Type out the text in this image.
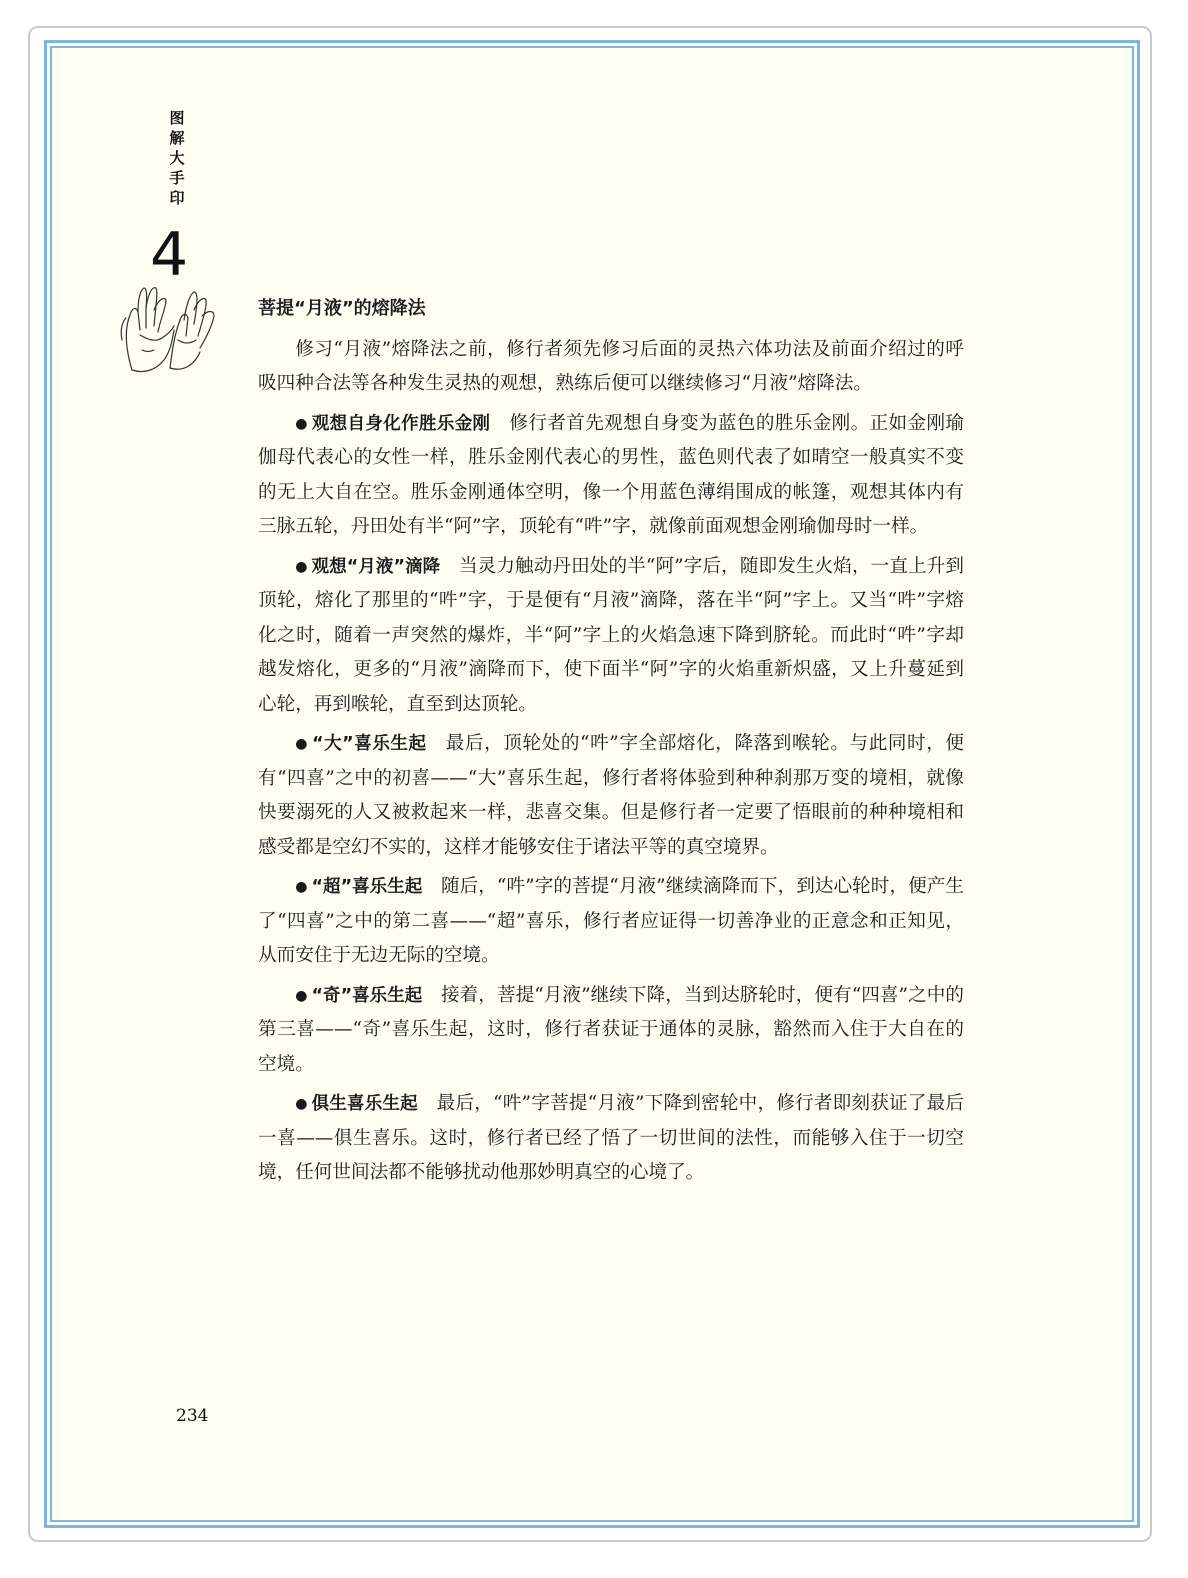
图解大手印
4
菩提“月液”的熔降法

修习“月液”熔降法之前，修行者须先修习后面的灵热六体功法及前面介绍过的呼吸四种合法等各种发生灵热的观想，熟练后便可以继续修习“月液”熔降法。

● 观想自身化作胜乐金刚  修行者首先观想自身变为蓝色的胜乐金刚。正如金刚瑜伽母代表心的女性一样，胜乐金刚代表心的男性，蓝色则代表了如晴空一般真实不变的无上大自在空。胜乐金刚通体空明，像一个用蓝色薄绢围成的帐篷，观想其体内有三脉五轮，丹田处有半“阿”字，顶轮有“吽”字，就像前面观想金刚瑜伽母时一样。

● 观想“月液”滴降  当灵力触动丹田处的半“阿”字后，随即发生火焰，一直上升到顶轮，熔化了那里的“吽”字，于是便有“月液”滴降，落在半“阿”字上。又当“吽”字熔化之时，随着一声突然的爆炸，半“阿”字上的火焰急速下降到脐轮。而此时“吽”字却越发熔化，更多的“月液”滴降而下，使下面半“阿”字的火焰重新炽盛，又上升蔓延到心轮，再到喉轮，直至到达顶轮。

● “大”喜乐生起  最后，顶轮处的“吽”字全部熔化，降落到喉轮。与此同时，便有“四喜”之中的初喜——“大”喜乐生起，修行者将体验到种种刹那万变的境相，就像快要溺死的人又被救起来一样，悲喜交集。但是修行者一定要了悟眼前的种种境相和感受都是空幻不实的，这样才能够安住于诸法平等的真空境界。

● “超”喜乐生起  随后，“吽”字的菩提“月液”继续滴降而下，到达心轮时，便产生了“四喜”之中的第二喜——“超”喜乐，修行者应证得一切善净业的正意念和正知见，从而安住于无边无际的空境。

● “奇”喜乐生起  接着，菩提“月液”继续下降，当到达脐轮时，便有“四喜”之中的第三喜——“奇”喜乐生起，这时，修行者获证于通体的灵脉，豁然而入住于大自在的空境。

● 俱生喜乐生起  最后，“吽”字菩提“月液”下降到密轮中，修行者即刻获证了最后一喜——俱生喜乐。这时，修行者已经了悟了一切世间的法性，而能够入住于一切空境，任何世间法都不能够扰动他那妙明真空的心境了。

234
